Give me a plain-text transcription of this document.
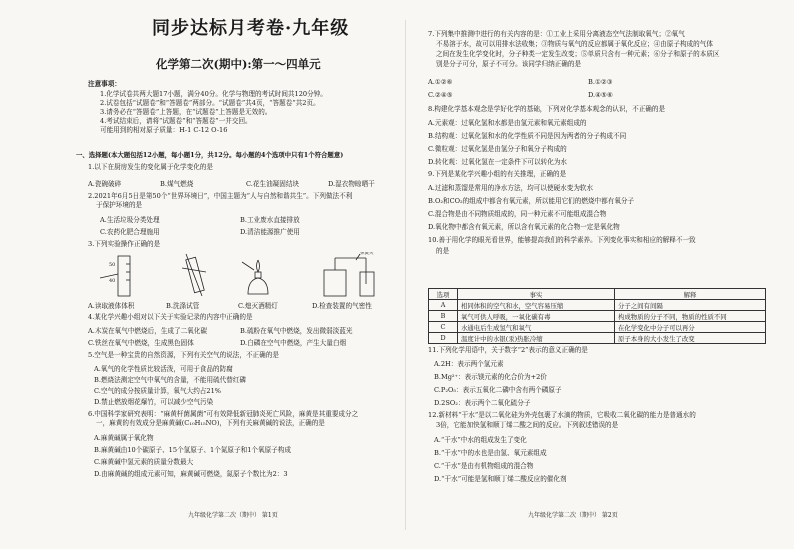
同步达标月考卷·九年级
化学第二次(期中):第一～四单元
注意事项：
1.化学试卷共两大题17小题，满分40分。化学与物理的考试时间共120分钟。
2.试卷包括“试题卷”和“答题卷”两部分。“试题卷”共4页，“答题卷”共2页。
3.请务必在“答题卷”上答题，在“试题卷”上答题是无效的。
4.考试结束后，请将“试题卷”和“答题卷”一并交回。
可能用到的相对原子质量：H-1 C-12 O-16
一、选择题(本大题包括12小题，每小题1分，共12分。每小题的4个选项中只有1个符合题意)
1.以下在厨房发生的变化属于化学变化的是
A.瓷碗破碎	B.煤气燃烧	C.花生油凝固结块	D.湿衣物晾晒干
2.2021年6月5日是第50个“世界环境日”，中国主题为“人与自然和谐共生”。下列做法不利
于保护环境的是
A.生活垃圾分类处理	B.工业废水直接排放
C.农药化肥合理施用	D.清洁能源推广使用
3.下列实验操作正确的是
50
40
弹簧夹
A.读取液体体积	B.洗涤试管	C.熄灭酒精灯	D.检查装置的气密性
4.某化学兴趣小组对以下关于实验记录的内容中正确的是
A.木炭在氧气中燃烧后，生成了二氧化碳	B.硫粉在氧气中燃烧，发出微弱淡蓝光
C.铁丝在氧气中燃烧，生成黑色固体	D.白磷在空气中燃烧，产生大量白烟
5.空气是一种宝贵的自然资源，下列有关空气的说法，不正确的是
A.氧气的化学性质比较活泼，可用于食品的防腐
B.燃烧法测定空气中氧气的含量，不能用硫代替红磷
C.空气的成分按质量计算，氧气大约占21%
D.禁止燃放烟花爆竹，可以减少空气污染
6.中国科学家研究表明：“麻黄杆菌属菌”可有效降低新冠肺炎死亡风险，麻黄是其重要成分之
一，麻黄的有效成分是麻黄碱(C₁₀H₁₅NO)，下列有关麻黄碱的说法，正确的是
A.麻黄碱属于氧化物
B.麻黄碱由10个碳原子、15个氢原子、1个氮原子和1个氧原子构成
C.麻黄碱中氢元素的质量分数最大
D.由麻黄碱的组成元素可知，麻黄碱可燃烧，氮原子个数比为2：3
九年级化学第二次（期中） 第1页
7.下列集中推测中进行的有关内容的是：①工业上采用分离液态空气法制取氧气；②氧气
不易溶于水，故可以用排水法收集；③物质与氧气的反应都属于氧化反应；④由原子构成的气体
之间在发生化学变化时，分子种类一定发生改变；⑤单质只含有一种元素；⑥分子和原子的本质区
别是分子可分，原子不可分。该同学归纳正确的是
A.①②⑥	B.①②③
C.②④⑤	D.④⑤⑥
8.构建化学基本观念是学好化学的基础，下列对化学基本观念的认识，不正确的是
A.元素观：过氧化氢和水都是由氢元素和氧元素组成的
B.结构观：过氧化氢和水的化学性质不同是因为两者的分子构成不同
C.微粒观：过氧化氢是由氢分子和氧分子构成的
D.转化观：过氧化氢在一定条件下可以转化为水
9.下列是某化学兴趣小组的有关推理，正确的是
A.过滤和蒸馏是常用的净水方法，均可以使硬水变为软水
B.O₂和CO₂的组成中都含有氧元素，所以能用它们的燃烧中都有氧分子
C.混合物是由不同物质组成的，同一种元素不可能组成混合物
D.氧化物中都含有氧元素，所以含有氧元素的化合物一定是氧化物
10.善于用化学的眼光看世界，能够提高我们的科学素养。下列变化事实和相应的解释不一致
的是
选项	事实	解释
A	相同体积的空气和水，空气容易压缩	分子之间有间隔
B	氧气可供人呼吸，一氧化碳有毒	构成物质的分子不同，物质的性质不同
C	水通电后生成氢气和氧气	在化学变化中分子可以再分
D	温度计中的水银(汞)热胀冷缩	原子本身的大小发生了改变
11.下列化学用语中，关于数字“2”表示的意义正确的是
A.2H：表示两个氢元素
B.Mg²⁺：表示镁元素的化合价为+2价
C.P₂O₅：表示五氧化二磷中含有两个磷原子
D.2SO₂：表示两个二氧化硫分子
12.新材料“干水”是以二氧化硅为外壳包裹了水滴的物质，它吸收二氧化碳的能力是普通水的
3倍，它能加快氢和顺丁烯二酸之间的反应。下列叙述错误的是
A.“干水”中水的组成发生了变化
B.“干水”中的水也是由氢、氧元素组成
C.“干水”是由有机物组成的混合物
D.“干水”可能是氢和顺丁烯二酸反应的催化剂
九年级化学第二次（期中） 第2页
